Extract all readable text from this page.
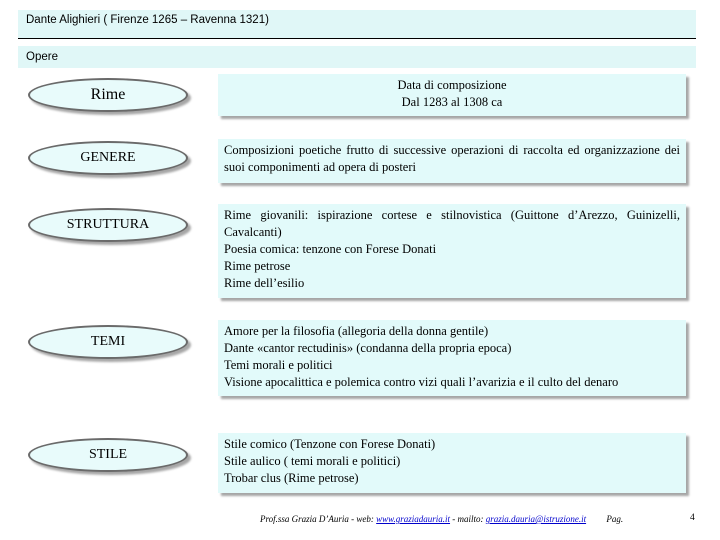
Dante Alighieri ( Firenze 1265 – Ravenna 1321)
Opere
Rime
Data di composizione
Dal 1283 al 1308 ca
GENERE	Composizioni poetiche frutto di successive operazioni di raccolta ed organizzazione dei suoi componimenti ad opera di posteri
STRUTTURA
Rime giovanili: ispirazione cortese e stilnovistica (Guittone d’Arezzo, Guinizelli, Cavalcanti)
Poesia comica: tenzone con Forese Donati
Rime petrose
Rime dell’esilio
TEMI
Amore per la filosofia (allegoria della donna gentile)
Dante «cantor rectudinis» (condanna della propria epoca)
Temi morali e politici
Visione apocalittica e polemica contro vizi quali l’avarizia e il culto del denaro
STILE
Stile comico (Tenzone con Forese Donati)
Stile aulico ( temi morali e politici)
Trobar clus (Rime petrose)
Prof.ssa Grazia D’Auria - web: www.graziadauria.it - mailto: grazia.dauria@istruzione.it Pag.	4
